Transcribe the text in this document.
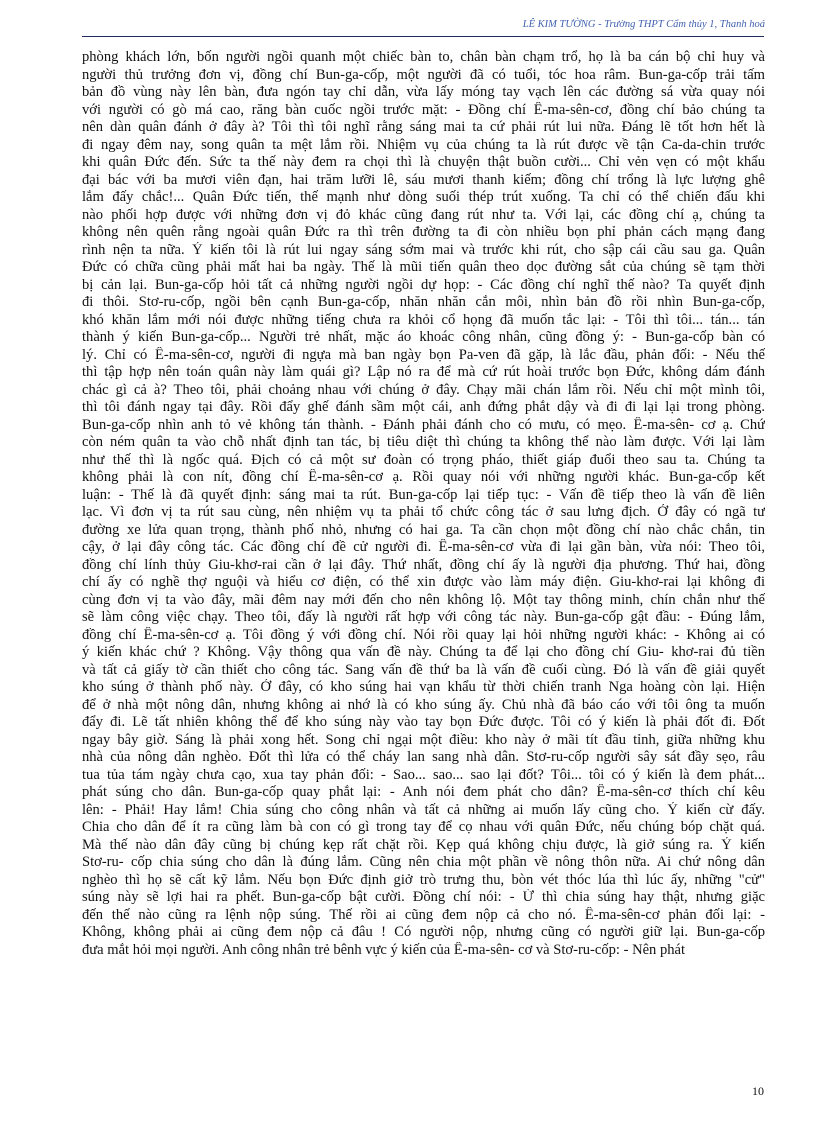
LÊ KIM TƯỜNG - Trường THPT Cẩm thủy 1, Thanh hoá
phòng khách lớn, bốn người ngồi quanh một chiếc bàn to, chân bàn chạm trổ, họ là ba cán bộ chỉ huy và
người thủ trưởng đơn vị, đồng chí Bun-ga-cốp, một người đã có tuổi, tóc hoa râm. Bun-ga-cốp trải tấm
bản đồ vùng này lên bàn, đưa ngón tay chỉ dẫn, vừa lấy móng tay vạch lên các đường sá vừa quay nói
với người có gò má cao, răng bàn cuốc ngồi trước mặt: - Đồng chí Ê-ma-sên-cơ, đồng chí bảo chúng ta
nên dàn quân đánh ở đây à? Tôi thì tôi nghĩ rằng sáng mai ta cứ phải rút lui nữa. Đáng lẽ tốt hơn hết là
đi ngay đêm nay, song quân ta mệt lắm rồi. Nhiệm vụ của chúng ta là rút được về tận Ca-da-chin trước
khi quân Đức đến. Sức ta thế này đem ra chọi thì là chuyện thật buồn cười... Chỉ vẻn vẹn có một khẩu
đại bác với ba mươi viên đạn, hai trăm lưỡi lê, sáu mươi thanh kiếm; đồng chí trổng là lực lượng ghê
lắm đấy chắc!... Quân Đức tiến, thế mạnh như dòng suối thép trút xuống. Ta chỉ có thể chiến đấu khi
nào phối hợp được với những đơn vị đỏ khác cũng đang rút như ta. Với lại, các đồng chí ạ, chúng ta
không nên quên rằng ngoài quân Đức ra thì trên đường ta đi còn nhiều bọn phỉ phản cách mạng đang
rình nện ta nữa. Ý kiến tôi là rút lui ngay sáng sớm mai và trước khi rút, cho sập cái cầu sau ga. Quân
Đức có chữa cũng phải mất hai ba ngày. Thế là mũi tiến quân theo dọc đường sắt của chúng sẽ tạm thời
bị cản lại. Bun-ga-cốp hỏi tất cả những người ngồi dự họp: - Các đồng chí nghĩ thế nào? Ta quyết định
đi thôi. Stơ-ru-cốp, ngồi bên cạnh Bun-ga-cốp, nhăn nhăn cắn môi, nhìn bản đồ rồi nhìn Bun-ga-cốp,
khó khăn lắm mới nói được những tiếng chưa ra khỏi cổ họng đã muốn tắc lại: - Tôi thì tôi... tán... tán
thành ý kiến Bun-ga-cốp... Người trẻ nhất, mặc áo khoác công nhân, cũng đồng ý: - Bun-ga-cốp bàn có
lý. Chỉ có Ê-ma-sên-cơ, người đi ngựa mà ban ngày bọn Pa-ven đã gặp, là lắc đầu, phản đối: - Nếu thế
thì tập hợp nên toán quân này làm quái gì? Lập nó ra để mà cứ rút hoài trước bọn Đức, không dám đánh
chác gì cả à? Theo tôi, phải choảng nhau với chúng ở đây. Chạy mãi chán lắm rồi. Nếu chỉ một mình tôi,
thì tôi đánh ngay tại đây. Rồi đẩy ghế đánh sầm một cái, anh đứng phắt dậy và đi đi lại lại trong phòng.
Bun-ga-cốp nhìn anh tỏ vẻ không tán thành. - Đánh phải đánh cho có mưu, có mẹo. Ê-ma-sên- cơ ạ. Chứ
còn ném quân ta vào chỗ nhất định tan tác, bị tiêu diệt thì chúng ta không thể nào làm được. Với lại làm
như thế thì là ngốc quá. Địch có cả một sư đoàn có trọng pháo, thiết giáp đuổi theo sau ta. Chúng ta
không phải là con nít, đồng chí Ê-ma-sên-cơ ạ. Rồi quay nói với những người khác. Bun-ga-cốp kết
luận: - Thế là đã quyết định: sáng mai ta rút. Bun-ga-cốp lại tiếp tục: - Vấn đề tiếp theo là vấn đề liên
lạc. Vì đơn vị ta rút sau cùng, nên nhiệm vụ ta phải tổ chức công tác ở sau lưng địch. Ở đây có ngã tư
đường xe lửa quan trọng, thành phố nhỏ, nhưng có hai ga. Ta cần chọn một đồng chí nào chắc chắn, tin
cậy, ở lại đây công tác. Các đồng chí đề cử người đi. Ê-ma-sên-cơ vừa đi lại gần bàn, vừa nói: Theo tôi,
đồng chí lính thủy Giu-khơ-rai cần ở lại đây. Thứ nhất, đồng chí ấy là người địa phương. Thứ hai, đồng
chí ấy có nghề thợ nguội và hiểu cơ điện, có thể xin được vào làm máy điện. Giu-khơ-rai lại không đi
cùng đơn vị ta vào đây, mãi đêm nay mới đến cho nên không lộ. Một tay thông minh, chín chắn như thế
sẽ làm công việc chạy. Theo tôi, đấy là người rất hợp với công tác này. Bun-ga-cốp gật đầu: - Đúng lắm,
đồng chí Ê-ma-sên-cơ ạ. Tôi đồng ý với đồng chí. Nói rồi quay lại hỏi những người khác: - Không ai có
ý kiến khác chứ ? Không. Vậy thông qua vấn đề này. Chúng ta để lại cho đồng chí Giu- khơ-rai đủ tiền
và tất cả giấy tờ cần thiết cho công tác. Sang vấn đề thứ ba là vấn đề cuối cùng. Đó là vấn đề giải quyết
kho súng ở thành phố này. Ở đây, có kho súng hai vạn khẩu từ thời chiến tranh Nga hoàng còn lại. Hiện
để ở nhà một nông dân, nhưng không ai nhớ là có kho súng ấy. Chủ nhà đã báo cáo với tôi ông ta muốn
đẩy đi. Lẽ tất nhiên không thể để kho súng này vào tay bọn Đức được. Tôi có ý kiến là phải đốt đi. Đốt
ngay bây giờ. Sáng là phải xong hết. Song chỉ ngại một điều: kho này ở mãi tít đầu tỉnh, giữa những khu
nhà của nông dân nghèo. Đốt thì lửa có thể cháy lan sang nhà dân. Stơ-ru-cốp người sây sát đầy sẹo, râu
tua tủa tám ngày chưa cạo, xua tay phản đối: - Sao... sao... sao lại đốt? Tôi... tôi có ý kiến là đem phát...
phát súng cho dân. Bun-ga-cốp quay phắt lại: - Anh nói đem phát cho dân? Ê-ma-sên-cơ thích chí kêu
lên: - Phải! Hay lắm! Chia súng cho công nhân và tất cả những ai muốn lấy cũng cho. Ý kiến cừ đấy.
Chia cho dân để ít ra cũng làm bà con có gì trong tay để cọ nhau với quân Đức, nếu chúng bóp chặt quá.
Mà thế nào dân đây cũng bị chúng kẹp rất chặt rồi. Kẹp quá không chịu được, là giở súng ra. Ý kiến
Stơ-ru- cốp chia súng cho dân là đúng lắm. Cũng nên chia một phần về nông thôn nữa. Ai chứ nông dân
nghèo thì họ sẽ cất kỹ lắm. Nếu bọn Đức định giở trò trưng thu, bòn vét thóc lúa thì lúc ấy, những "cử"
súng này sẽ lợi hai ra phết. Bun-ga-cốp bật cười. Đồng chí nói: - Ừ thì chia súng hay thật, nhưng giặc
đến thế nào cũng ra lệnh nộp súng. Thế rồi ai cũng đem nộp cả cho nó. Ê-ma-sên-cơ phản đối lại: -
Không, không phải ai cũng đem nộp cả đâu ! Có người nộp, nhưng cũng có người giữ lại. Bun-ga-cốp
đưa mắt hỏi mọi người. Anh công nhân trẻ bênh vực ý kiến của Ê-ma-sên- cơ và Stơ-ru-cốp: - Nên phát
10
